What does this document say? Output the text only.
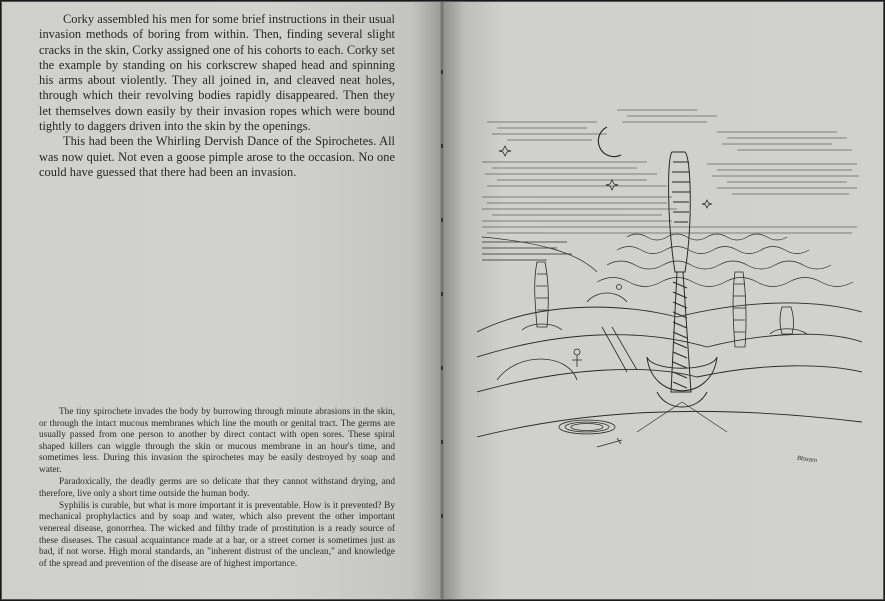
Corky assembled his men for some brief instructions in their usual invasion methods of boring from within. Then, finding several slight cracks in the skin, Corky assigned one of his cohorts to each. Corky set the example by standing on his corkscrew shaped head and spinning his arms about violently. They all joined in, and cleaved neat holes, through which their revolving bodies rapidly disappeared. Then they let themselves down easily by their invasion ropes which were bound tightly to daggers driven into the skin by the openings.

This had been the Whirling Dervish Dance of the Spirochetes. All was now quiet. Not even a goose pimple arose to the occasion. No one could have guessed that there had been an invasion.

The tiny spirochete invades the body by burrowing through minute abrasions in the skin, or through the intact mucous membranes which line the mouth or genital tract. The germs are usually passed from one person to another by direct contact with open sores. These spiral shaped killers can wiggle through the skin or mucous membrane in an hour's time, and sometimes less. During this invasion the spirochetes may be easily destroyed by soap and water.

Paradoxically, the deadly germs are so delicate that they cannot withstand drying, and therefore, live only a short time outside the human body.

Syphilis is curable, but what is more important it is preventable. How is it prevented? By mechanical prophylactics and by soap and water, which also prevent the other important venereal disease, gonorrhea. The wicked and filthy trade of prostitution is a ready source of these diseases. The casual acquaintance made at a bar, or a street corner is sometimes just as bad, if not worse. High moral standards, an "inherent distrust of the unclean," and knowledge of the spread and prevention of the disease are of highest importance.

Bloxam
